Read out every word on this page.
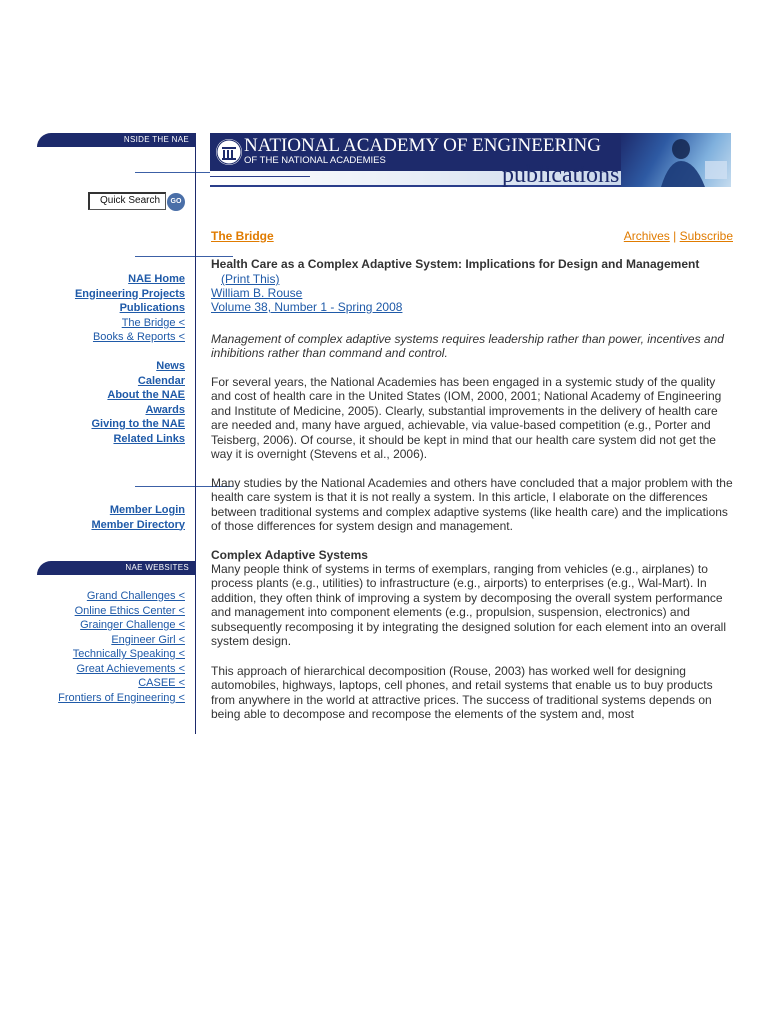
NSIDE THE NAE
Quick Search	GO
NAE Home
Engineering Projects
Publications
The Bridge <
Books & Reports <
News
Calendar
About the NAE
Awards
Giving to the NAE
Related Links
Member Login
Member Directory
NAE WEBSITES
Grand Challenges <
Online Ethics Center <
Grainger Challenge <
Engineer Girl <
Technically Speaking <
Great Achievements <
CASEE <
Frontiers of Engineering <
NATIONAL ACADEMY OF ENGINEERING
OF THE NATIONAL ACADEMIES
publications
The Bridge	Archives | Subscribe
Health Care as a Complex Adaptive System: Implications for Design and Management
(Print This)
William B. Rouse
Volume 38, Number 1 - Spring 2008

Management of complex adaptive systems requires leadership rather than power, incentives and inhibitions rather than command and control.

For several years, the National Academies has been engaged in a systemic study of the quality and cost of health care in the United States (IOM, 2000, 2001; National Academy of Engineering and Institute of Medicine, 2005). Clearly, substantial improvements in the delivery of health care are needed and, many have argued, achievable, via value-based competition (e.g., Porter and Teisberg, 2006). Of course, it should be kept in mind that our health care system did not get the way it is overnight (Stevens et al., 2006).

Many studies by the National Academies and others have concluded that a major problem with the health care system is that it is not really a system. In this article, I elaborate on the differences between traditional systems and complex adaptive systems (like health care) and the implications of those differences for system design and management.

Complex Adaptive Systems

Many people think of systems in terms of exemplars, ranging from vehicles (e.g., airplanes) to process plants (e.g., utilities) to infrastructure (e.g., airports) to enterprises (e.g., Wal-Mart). In addition, they often think of improving a system by decomposing the overall system performance and management into component elements (e.g., propulsion, suspension, electronics) and subsequently recomposing it by integrating the designed solution for each element into an overall system design.

This approach of hierarchical decomposition (Rouse, 2003) has worked well for designing automobiles, highways, laptops, cell phones, and retail systems that enable us to buy products from anywhere in the world at attractive prices. The success of traditional systems depends on being able to decompose and recompose the elements of the system and, most
